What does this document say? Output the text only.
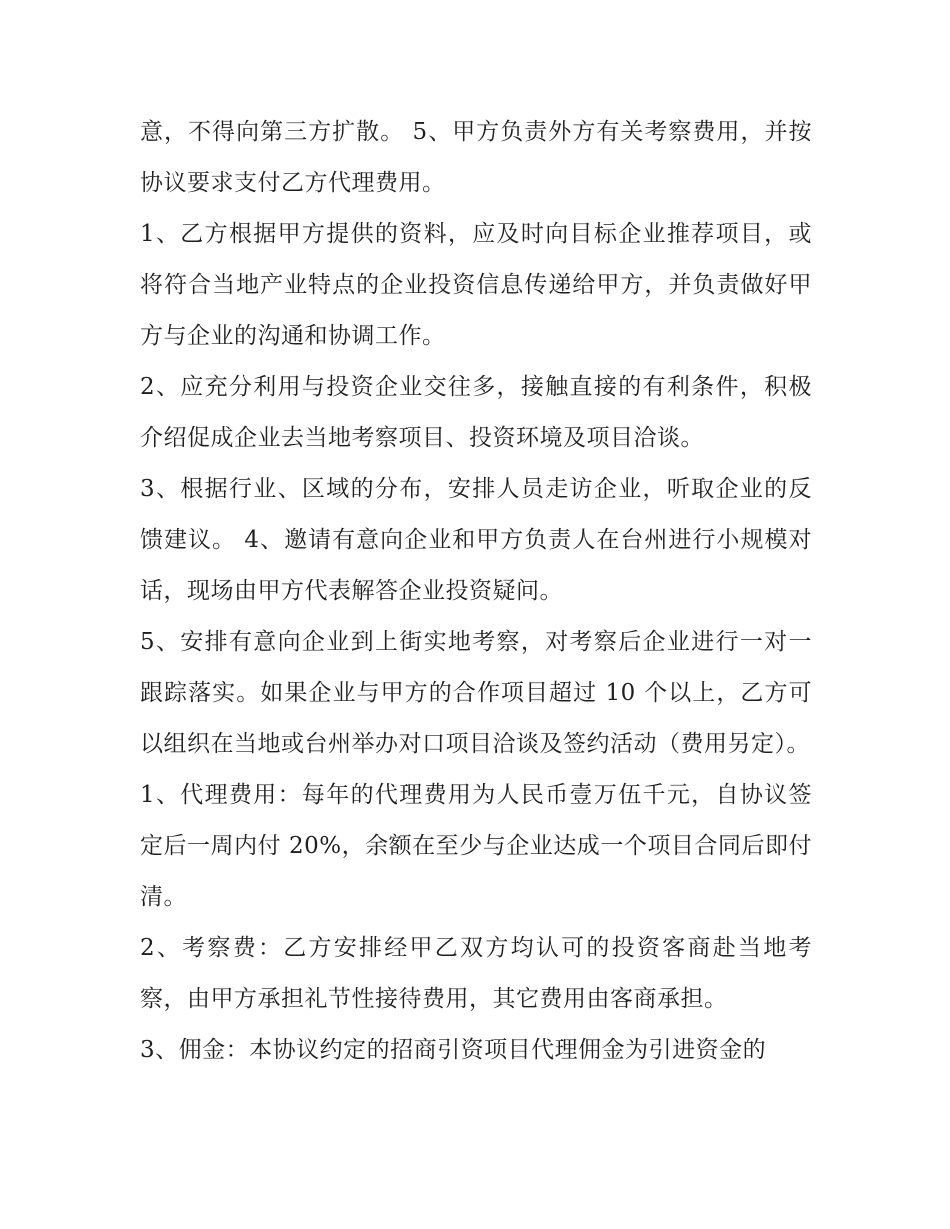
意，不得向第三方扩散。 5、甲方负责外方有关考察费用，并按协议要求支付乙方代理费用。

1、乙方根据甲方提供的资料，应及时向目标企业推荐项目，或将符合当地产业特点的企业投资信息传递给甲方，并负责做好甲方与企业的沟通和协调工作。

2、应充分利用与投资企业交往多，接触直接的有利条件，积极介绍促成企业去当地考察项目、投资环境及项目洽谈。

3、根据行业、区域的分布，安排人员走访企业，听取企业的反馈建议。 4、邀请有意向企业和甲方负责人在台州进行小规模对话，现场由甲方代表解答企业投资疑问。

5、安排有意向企业到上街实地考察，对考察后企业进行一对一跟踪落实。如果企业与甲方的合作项目超过 10 个以上，乙方可以组织在当地或台州举办对口项目洽谈及签约活动（费用另定）。

1、代理费用：每年的代理费用为人民币壹万伍千元，自协议签定后一周内付 20%，余额在至少与企业达成一个项目合同后即付清。

2、考察费：乙方安排经甲乙双方均认可的投资客商赴当地考察，由甲方承担礼节性接待费用，其它费用由客商承担。

3、佣金：本协议约定的招商引资项目代理佣金为引进资金的
